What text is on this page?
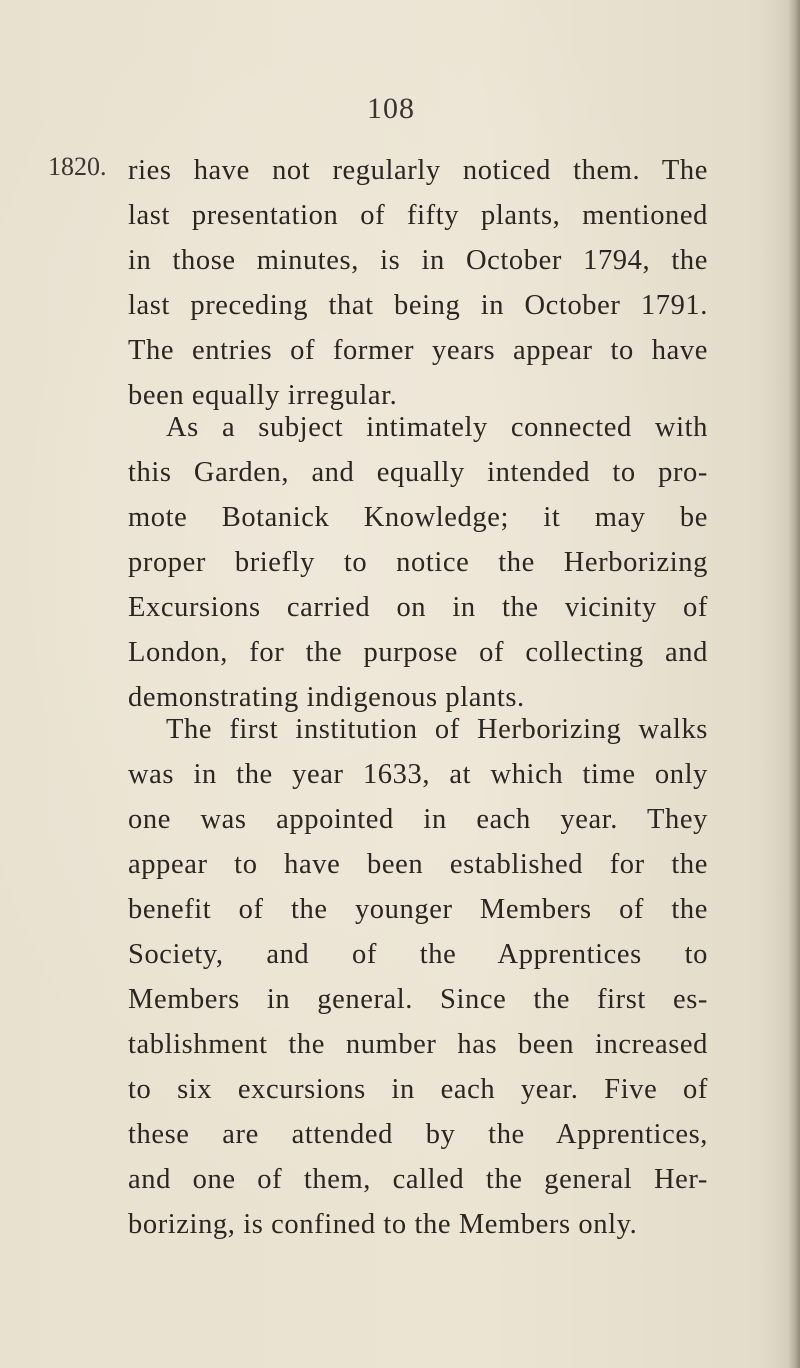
108
1820. ries have not regularly noticed them. The
last presentation of fifty plants, mentioned
in those minutes, is in October 1794, the
last preceding that being in October 1791.
The entries of former years appear to have
been equally irregular.
As a subject intimately connected with
this Garden, and equally intended to pro-
mote Botanick Knowledge; it may be
proper briefly to notice the Herborizing
Excursions carried on in the vicinity of
London, for the purpose of collecting and
demonstrating indigenous plants.
The first institution of Herborizing walks
was in the year 1633, at which time only
one was appointed in each year. They
appear to have been established for the
benefit of the younger Members of the
Society, and of the Apprentices to
Members in general. Since the first es-
tablishment the number has been increased
to six excursions in each year. Five of
these are attended by the Apprentices,
and one of them, called the general Her-
borizing, is confined to the Members only.
